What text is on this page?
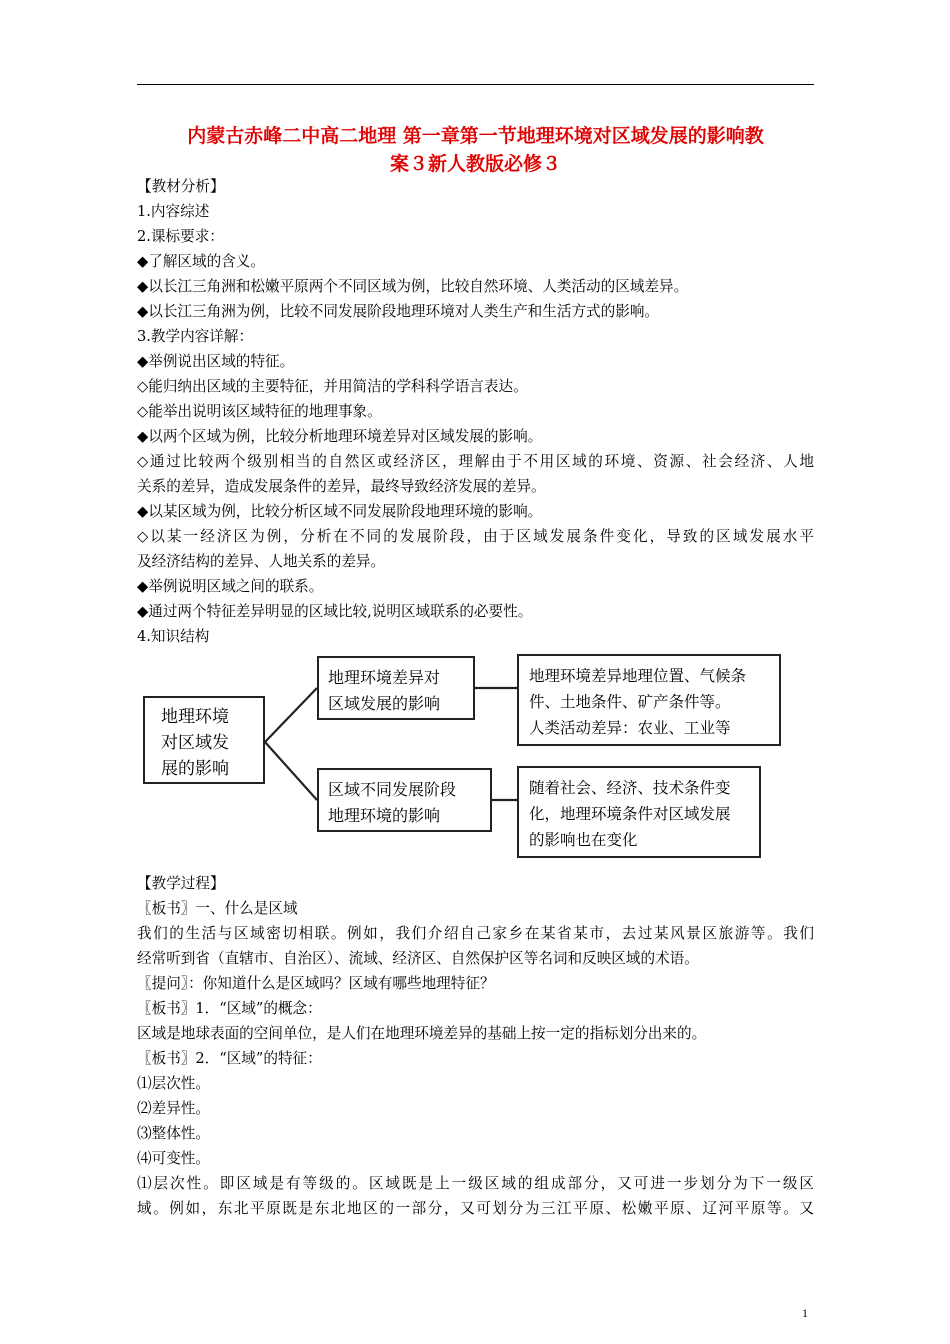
内蒙古赤峰二中高二地理 第一章第一节地理环境对区域发展的影响教
案３新人教版必修３
【教材分析】
1.内容综述
2.课标要求：
◆了解区域的含义。
◆以长江三角洲和松嫩平原两个不同区域为例，比较自然环境、人类活动的区域差异。
◆以长江三角洲为例，比较不同发展阶段地理环境对人类生产和生活方式的影响。
3.教学内容详解：
◆举例说出区域的特征。
◇能归纳出区域的主要特征，并用简洁的学科科学语言表达。
◇能举出说明该区域特征的地理事象。
◆以两个区域为例，比较分析地理环境差异对区域发展的影响。
◇通过比较两个级别相当的自然区或经济区，理解由于不用区域的环境、资源、社会经济、人地
关系的差异，造成发展条件的差异，最终导致经济发展的差异。
◆以某区域为例，比较分析区域不同发展阶段地理环境的影响。
◇以某一经济区为例，分析在不同的发展阶段，由于区域发展条件变化，导致的区域发展水平
及经济结构的差异、人地关系的差异。
◆举例说明区域之间的联系。
◆通过两个特征差异明显的区域比较,说明区域联系的必要性。
4.知识结构
地理环境
对区域发
展的影响
地理环境差异对
区域发展的影响
区域不同发展阶段
地理环境的影响
地理环境差异地理位置、气候条
件、土地条件、矿产条件等。
人类活动差异：农业、工业等
随着社会、经济、技术条件变
化，地理环境条件对区域发展
的影响也在变化
【教学过程】
〖板书〗一、什么是区域
我们的生活与区域密切相联。例如，我们介绍自己家乡在某省某市，去过某风景区旅游等。我们
经常听到省（直辖市、自治区）、流域、经济区、自然保护区等名词和反映区域的术语。
〖提问〗：你知道什么是区域吗？区域有哪些地理特征？
〖板书〗1．“区域”的概念：
区域是地球表面的空间单位，是人们在地理环境差异的基础上按一定的指标划分出来的。
〖板书〗2．“区域”的特征：
⑴层次性。
⑵差异性。
⑶整体性。
⑷可变性。
⑴层次性。即区域是有等级的。区域既是上一级区域的组成部分，又可进一步划分为下一级区
域。例如，东北平原既是东北地区的一部分，又可划分为三江平原、松嫩平原、辽河平原等。又
1
